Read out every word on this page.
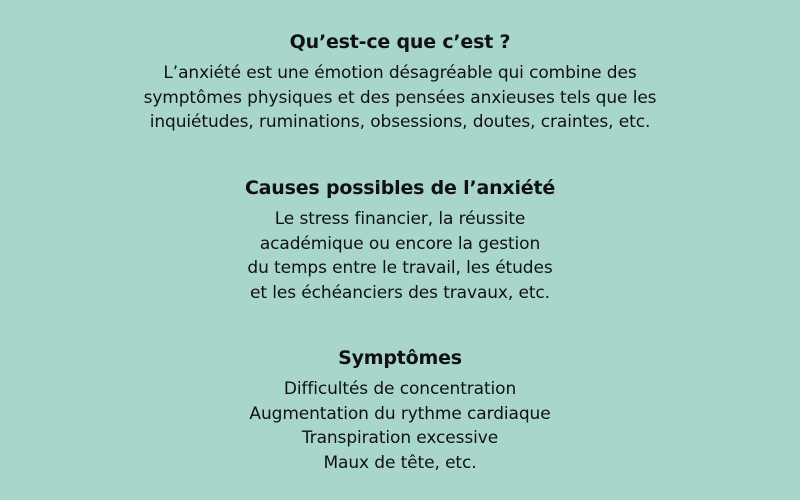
Qu’est-ce que c’est ?
L’anxiété est une émotion désagréable qui combine des
symptômes physiques et des pensées anxieuses tels que les
inquiétudes, ruminations, obsessions, doutes, craintes, etc.
Causes possibles de l’anxiété
Le stress financier, la réussite
académique ou encore la gestion
du temps entre le travail, les études
et les échéanciers des travaux, etc.
Symptômes
Difficultés de concentration
Augmentation du rythme cardiaque
Transpiration excessive
Maux de tête, etc.
